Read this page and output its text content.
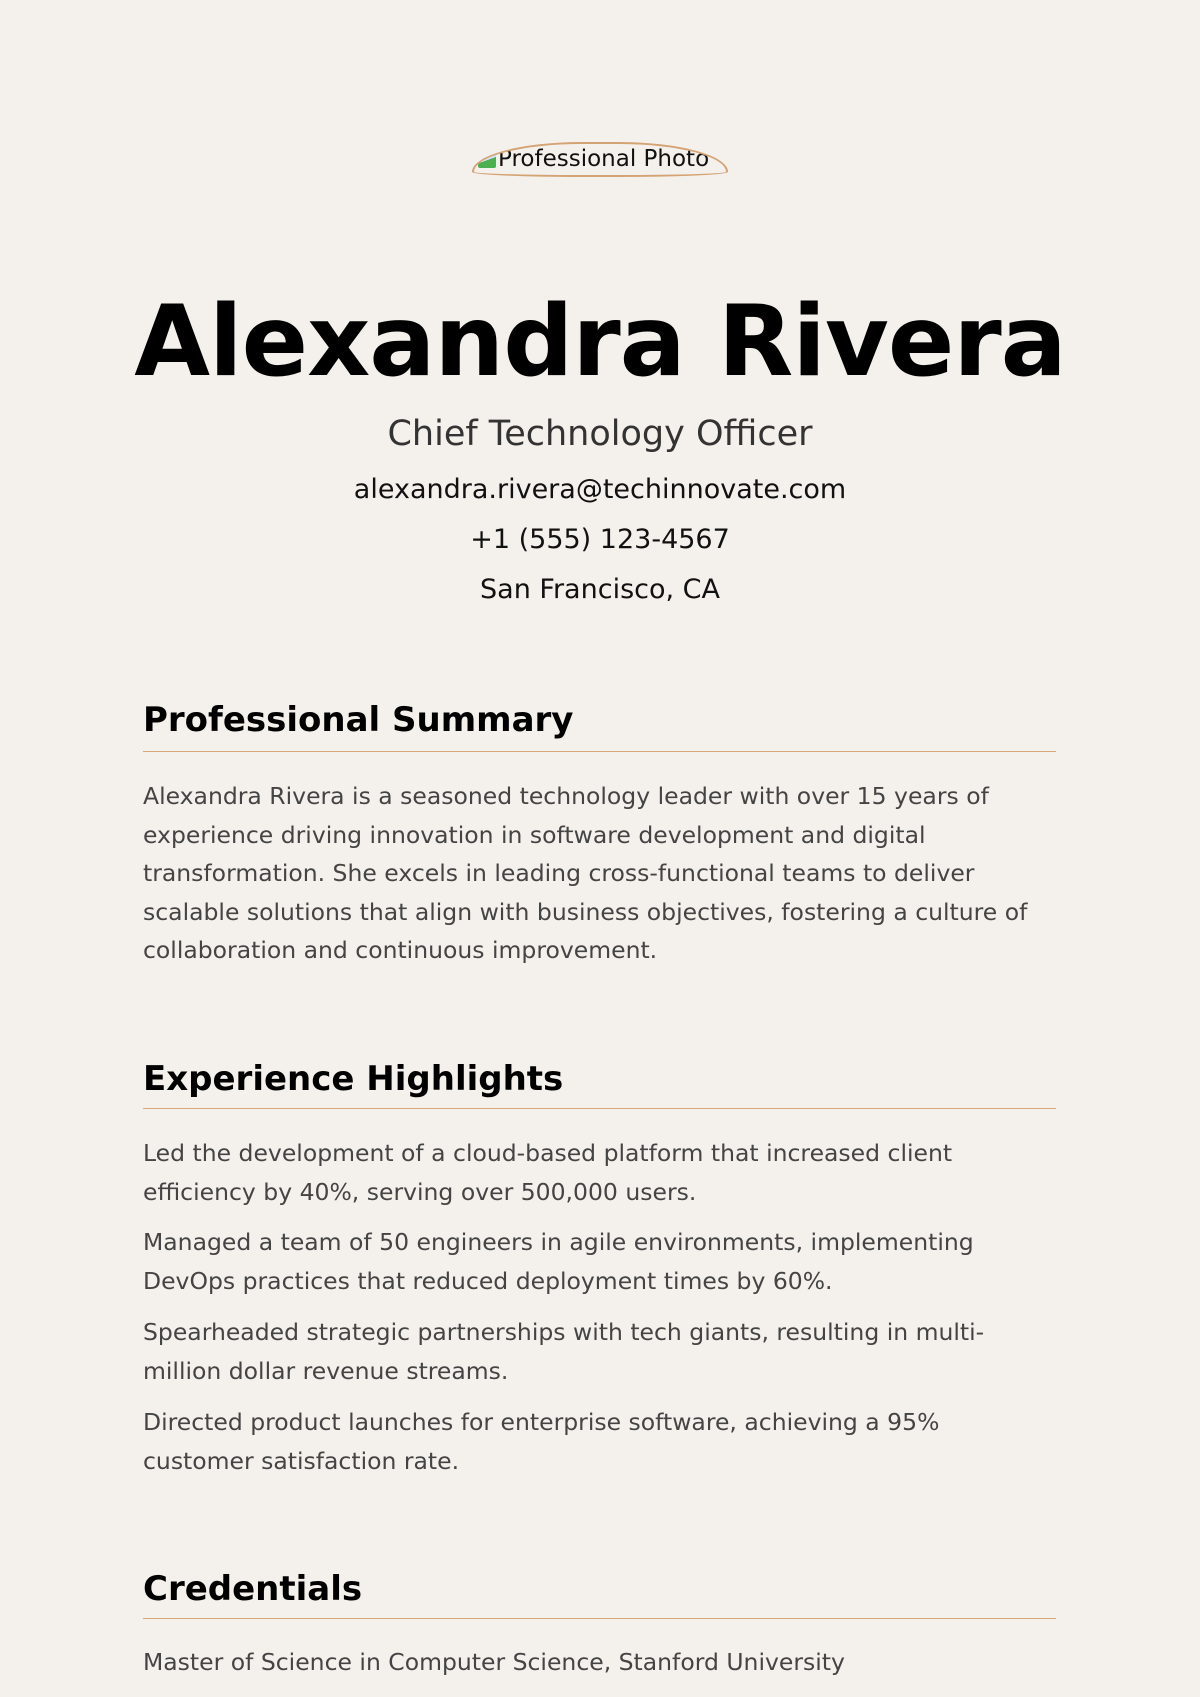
Professional Photo
Alexandra Rivera
Chief Technology Officer
alexandra.rivera@techinnovate.com
+1 (555) 123-4567
San Francisco, CA
Professional Summary

Alexandra Rivera is a seasoned technology leader with over 15 years of experience driving innovation in software development and digital transformation. She excels in leading cross-functional teams to deliver scalable solutions that align with business objectives, fostering a culture of collaboration and continuous improvement.

Experience Highlights
Led the development of a cloud-based platform that increased client efficiency by 40%, serving over 500,000 users.
Managed a team of 50 engineers in agile environments, implementing DevOps practices that reduced deployment times by 60%.
Spearheaded strategic partnerships with tech giants, resulting in multi-million dollar revenue streams.
Directed product launches for enterprise software, achieving a 95% customer satisfaction rate.
Credentials
Master of Science in Computer Science, Stanford University
